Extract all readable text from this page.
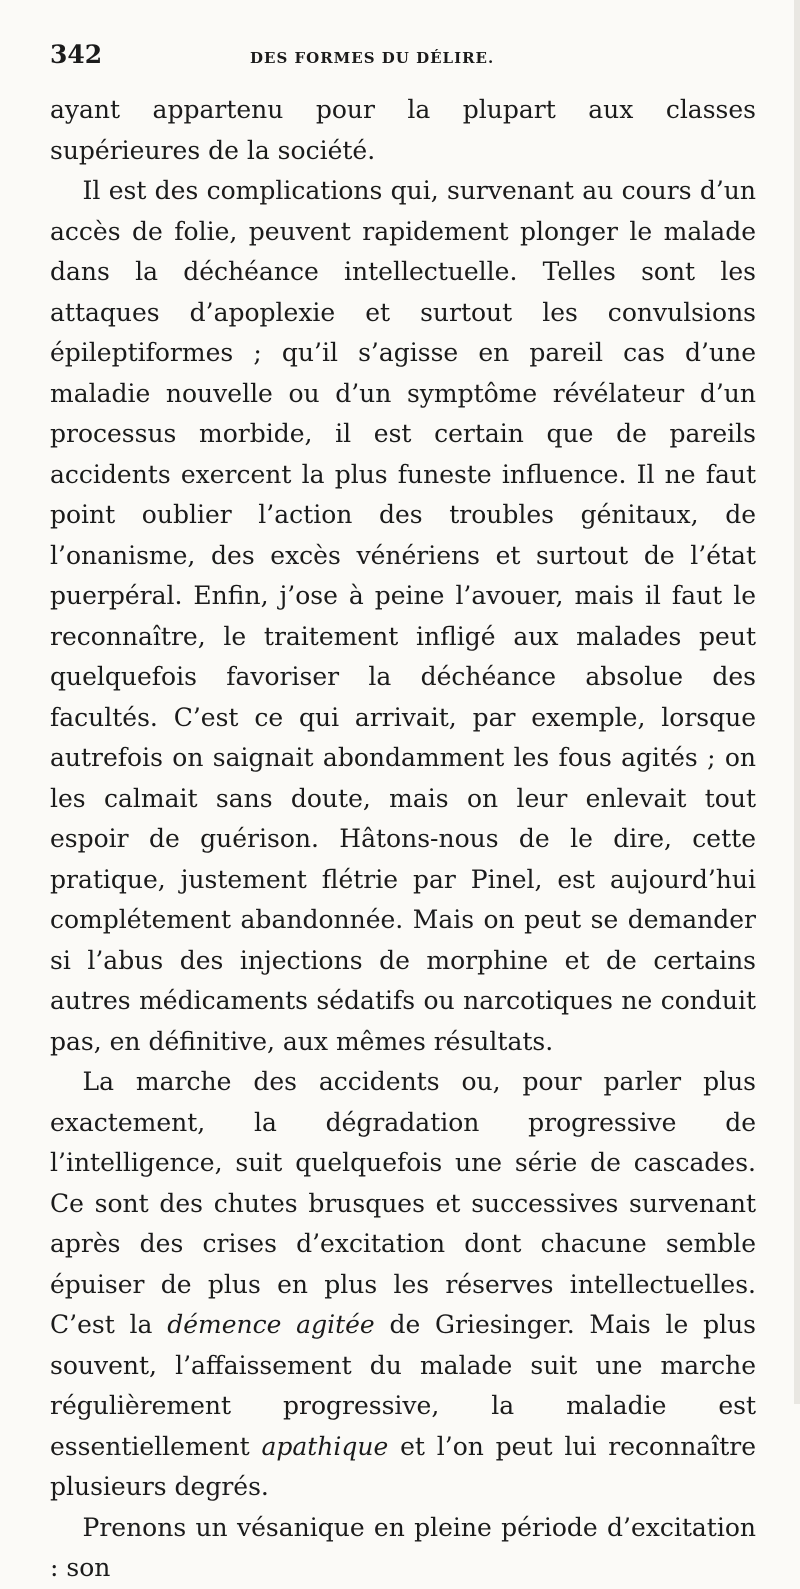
342	DES FORMES DU DÉLIRE.

ayant appartenu pour la plupart aux classes supérieures de la société.

Il est des complications qui, survenant au cours d’un accès de folie, peuvent rapidement plonger le malade dans la déchéance intellectuelle. Telles sont les attaques d’apoplexie et surtout les convulsions épileptiformes ; qu’il s’agisse en pareil cas d’une maladie nouvelle ou d’un symptôme révélateur d’un processus morbide, il est certain que de pareils accidents exercent la plus funeste influence. Il ne faut point oublier l’action des troubles génitaux, de l’onanisme, des excès vénériens et surtout de l’état puerpéral. Enfin, j’ose à peine l’avouer, mais il faut le reconnaître, le traitement infligé aux malades peut quelquefois favoriser la déchéance absolue des facultés. C’est ce qui arrivait, par exemple, lorsque autrefois on saignait abondamment les fous agités ; on les calmait sans doute, mais on leur enlevait tout espoir de guérison. Hâtons-nous de le dire, cette pratique, justement flétrie par Pinel, est aujourd’hui complétement abandonnée. Mais on peut se demander si l’abus des injections de morphine et de certains autres médicaments sédatifs ou narcotiques ne conduit pas, en définitive, aux mêmes résultats.

La marche des accidents ou, pour parler plus exactement, la dégradation progressive de l’intelligence, suit quelquefois une série de cascades. Ce sont des chutes brusques et successives survenant après des crises d’excitation dont chacune semble épuiser de plus en plus les réserves intellectuelles. C’est la démence agitée de Griesinger. Mais le plus souvent, l’affaissement du malade suit une marche régulièrement progressive, la maladie est essentiellement apathique et l’on peut lui reconnaître plusieurs degrés.

Prenons un vésanique en pleine période d’excitation : son
